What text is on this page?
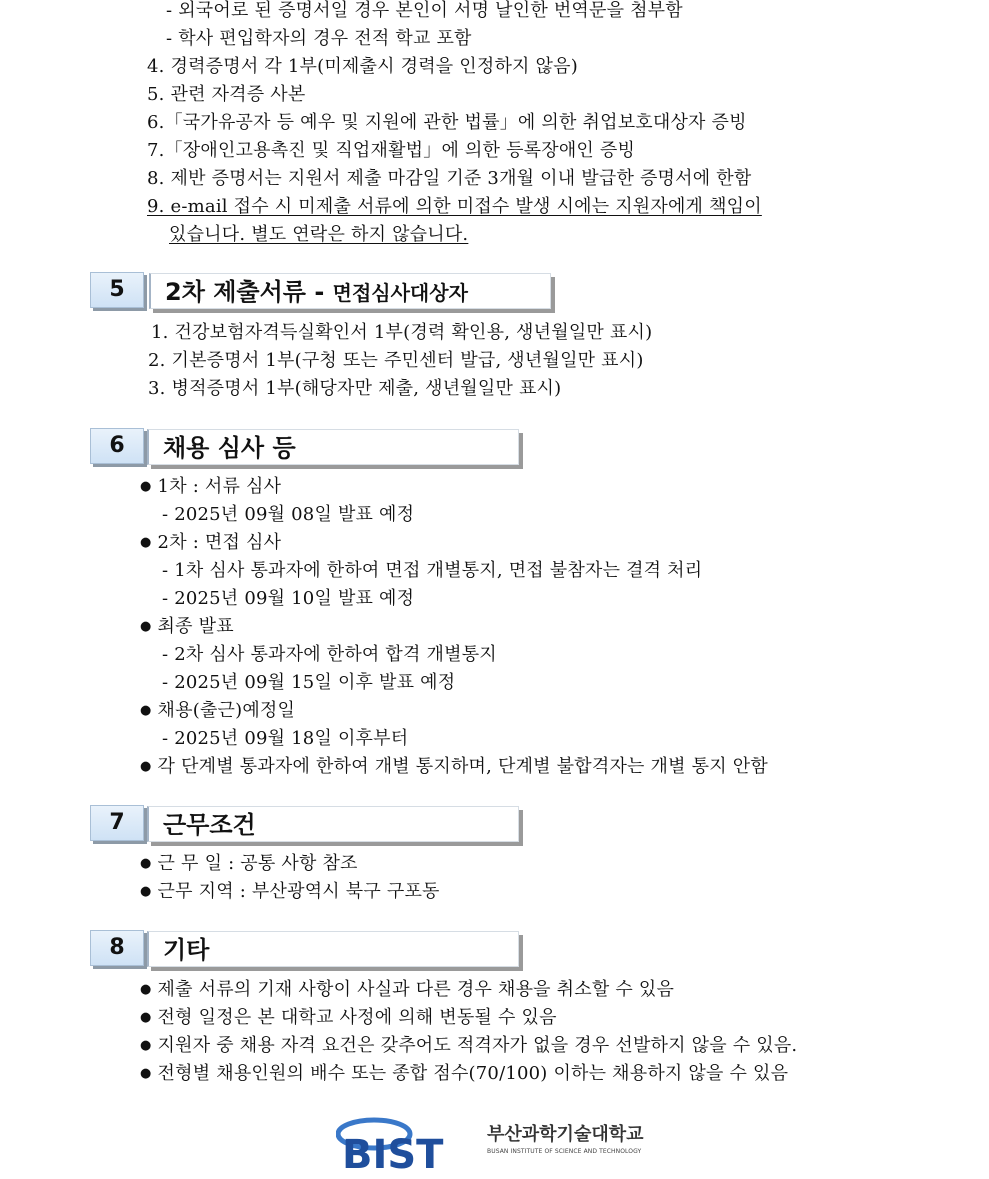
- 외국어로 된 증명서일 경우 본인이 서명 날인한 번역문을 첨부함
- 학사 편입학자의 경우 전적 학교 포함
4. 경력증명서 각 1부(미제출시 경력을 인정하지 않음)
5. 관련 자격증 사본
6.「국가유공자 등 예우 및 지원에 관한 법률」에 의한 취업보호대상자 증빙
7.「장애인고용촉진 및 직업재활법」에 의한 등록장애인 증빙
8. 제반 증명서는 지원서 제출 마감일 기준 3개월 이내 발급한 증명서에 한함
9. e-mail 접수 시 미제출 서류에 의한 미접수 발생 시에는 지원자에게 책임이
있습니다. 별도 연락은 하지 않습니다.
5	2차 제출서류 - 면접심사대상자
1. 건강보험자격득실확인서 1부(경력 확인용, 생년월일만 표시)
2. 기본증명서 1부(구청 또는 주민센터 발급, 생년월일만 표시)
3. 병적증명서 1부(해당자만 제출, 생년월일만 표시)
6	채용 심사 등
● 1차 : 서류 심사
- 2025년 09월 08일 발표 예정
● 2차 : 면접 심사
- 1차 심사 통과자에 한하여 면접 개별통지, 면접 불참자는 결격 처리
- 2025년 09월 10일 발표 예정
● 최종 발표
- 2차 심사 통과자에 한하여 합격 개별통지
- 2025년 09월 15일 이후 발표 예정
● 채용(출근)예정일
- 2025년 09월 18일 이후부터
● 각 단계별 통과자에 한하여 개별 통지하며, 단계별 불합격자는 개별 통지 안함
7	근무조건
● 근 무 일 : 공통 사항 참조
● 근무 지역 : 부산광역시 북구 구포동
8	기타
● 제출 서류의 기재 사항이 사실과 다른 경우 채용을 취소할 수 있음
● 전형 일정은 본 대학교 사정에 의해 변동될 수 있음
● 지원자 중 채용 자격 요건은 갖추어도 적격자가 없을 경우 선발하지 않을 수 있음.
● 전형별 채용인원의 배수 또는 종합 점수(70/100) 이하는 채용하지 않을 수 있음
BIST 부산과학기술대학교
BUSAN INSTITUTE OF SCIENCE AND TECHNOLOGY
